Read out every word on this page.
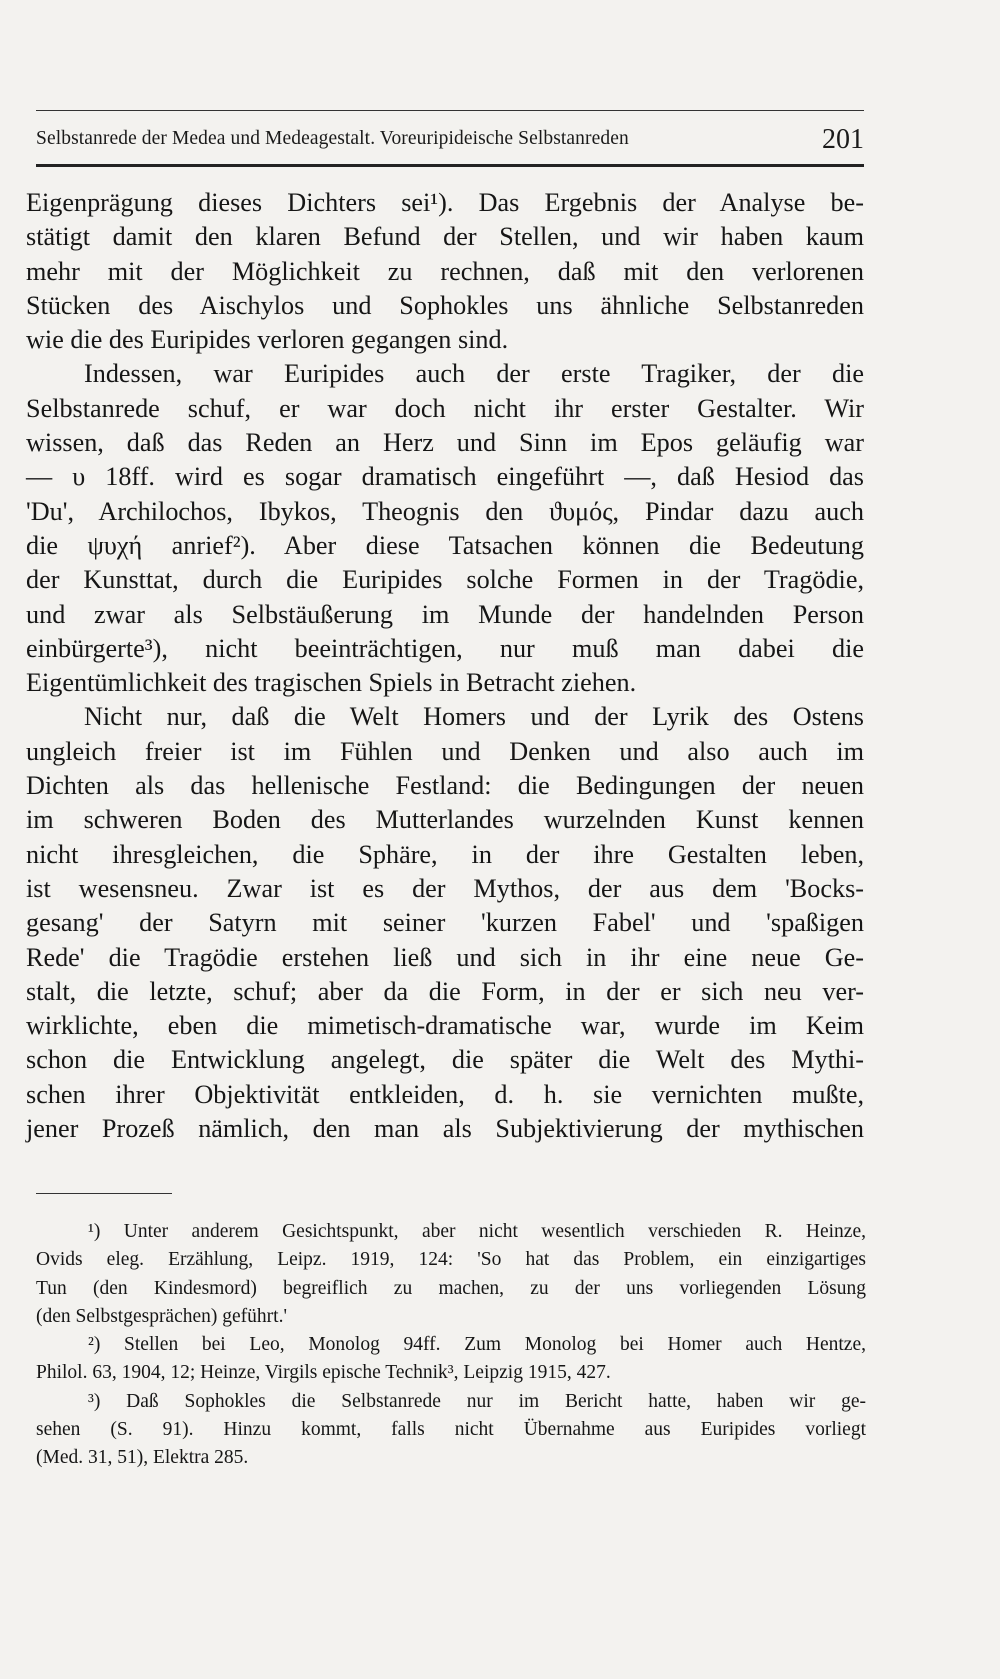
Selbstanrede der Medea und Medeagestalt. Voreuripideische Selbstanreden	201
Eigenprägung dieses Dichters sei¹). Das Ergebnis der Analyse be-
stätigt damit den klaren Befund der Stellen, und wir haben kaum
mehr mit der Möglichkeit zu rechnen, daß mit den verlorenen
Stücken des Aischylos und Sophokles uns ähnliche Selbstanreden
wie die des Euripides verloren gegangen sind.
Indessen, war Euripides auch der erste Tragiker, der die
Selbstanrede schuf, er war doch nicht ihr erster Gestalter. Wir
wissen, daß das Reden an Herz und Sinn im Epos geläufig war
— υ 18ff. wird es sogar dramatisch eingeführt —, daß Hesiod das
'Du', Archilochos, Ibykos, Theognis den ϑυμός, Pindar dazu auch
die ψυχή anrief²). Aber diese Tatsachen können die Bedeutung
der Kunsttat, durch die Euripides solche Formen in der Tragödie,
und zwar als Selbstäußerung im Munde der handelnden Person
einbürgerte³), nicht beeinträchtigen, nur muß man dabei die
Eigentümlichkeit des tragischen Spiels in Betracht ziehen.
Nicht nur, daß die Welt Homers und der Lyrik des Ostens
ungleich freier ist im Fühlen und Denken und also auch im
Dichten als das hellenische Festland: die Bedingungen der neuen
im schweren Boden des Mutterlandes wurzelnden Kunst kennen
nicht ihresgleichen, die Sphäre, in der ihre Gestalten leben,
ist wesensneu. Zwar ist es der Mythos, der aus dem 'Bocks-
gesang' der Satyrn mit seiner 'kurzen Fabel' und 'spaßigen
Rede' die Tragödie erstehen ließ und sich in ihr eine neue Ge-
stalt, die letzte, schuf; aber da die Form, in der er sich neu ver-
wirklichte, eben die mimetisch-dramatische war, wurde im Keim
schon die Entwicklung angelegt, die später die Welt des Mythi-
schen ihrer Objektivität entkleiden, d. h. sie vernichten mußte,
jener Prozeß nämlich, den man als Subjektivierung der mythischen
¹) Unter anderem Gesichtspunkt, aber nicht wesentlich verschieden R. Heinze,
Ovids eleg. Erzählung, Leipz. 1919, 124: 'So hat das Problem, ein einzigartiges
Tun (den Kindesmord) begreiflich zu machen, zu der uns vorliegenden Lösung
(den Selbstgesprächen) geführt.'
²) Stellen bei Leo, Monolog 94ff. Zum Monolog bei Homer auch Hentze,
Philol. 63, 1904, 12; Heinze, Virgils epische Technik³, Leipzig 1915, 427.
³) Daß Sophokles die Selbstanrede nur im Bericht hatte, haben wir ge-
sehen (S. 91). Hinzu kommt, falls nicht Übernahme aus Euripides vorliegt
(Med. 31, 51), Elektra 285.
